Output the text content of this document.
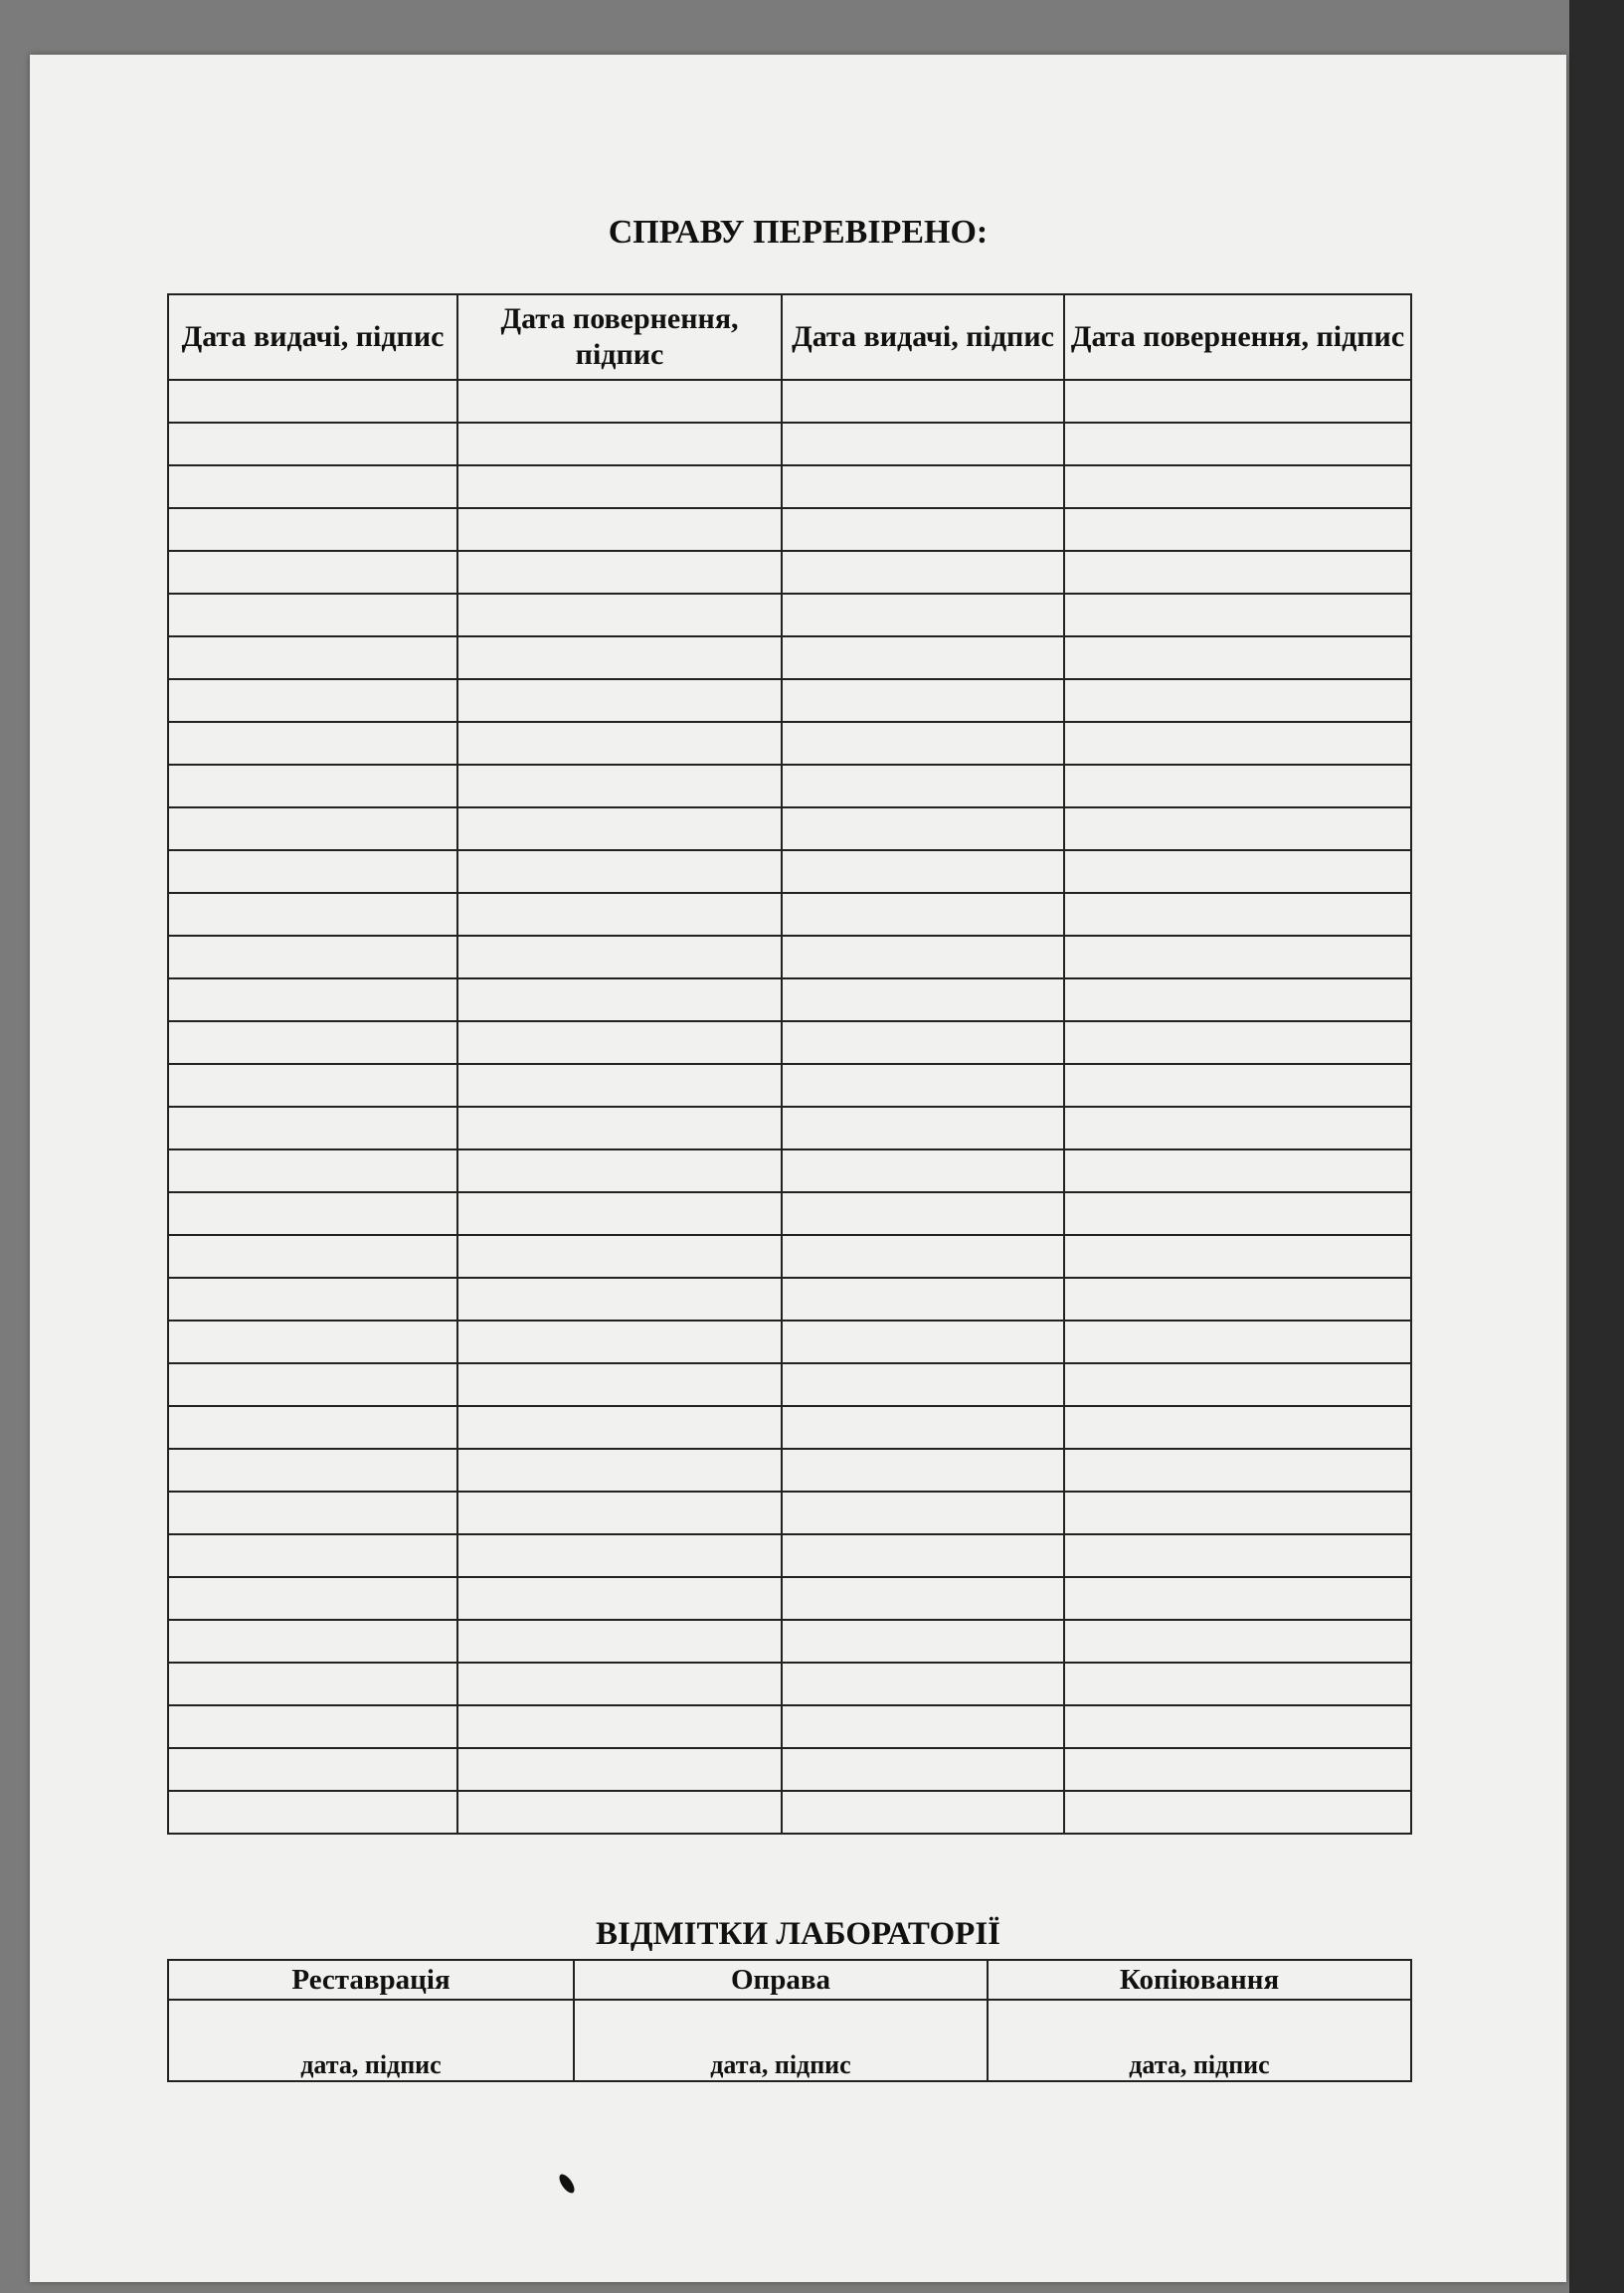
СПРАВУ ПЕРЕВІРЕНО:
Дата видачі, підпис	Дата повернення, підпис	Дата видачі, підпис	Дата повернення, підпис

ВІДМІТКИ ЛАБОРАТОРІЇ
Реставрація	Оправа	Копіювання
дата, підпис	дата, підпис	дата, підпис
